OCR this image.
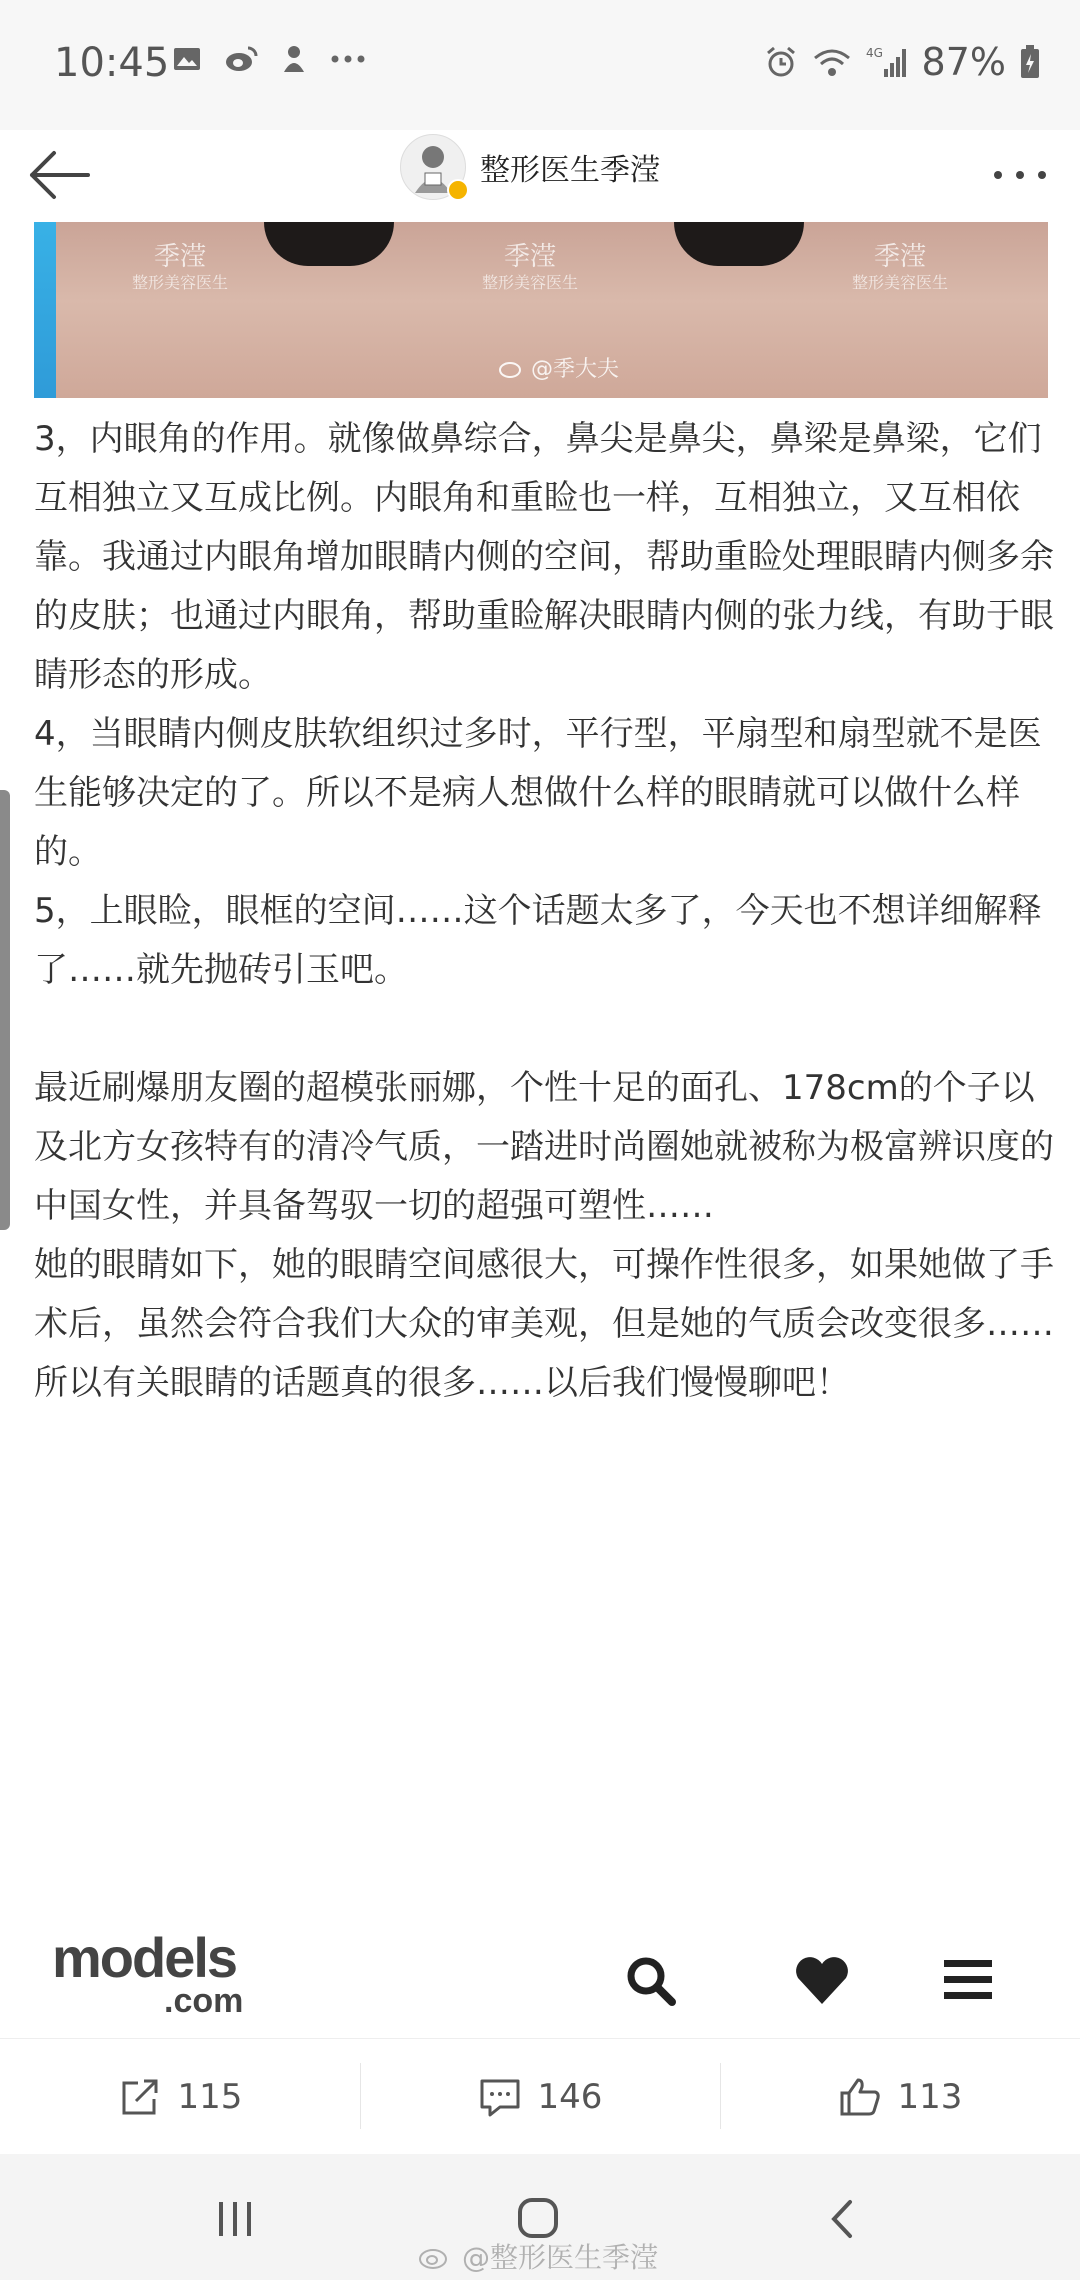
10:45	4G 87%
整形医生季滢
季滢
整形美容医生
季滢
整形美容医生
季滢
整形美容医生
@季大夫

3，内眼角的作用。就像做鼻综合，鼻尖是鼻尖，鼻梁是鼻梁，它们互相独立又互成比例。内眼角和重睑也一样，互相独立，又互相依靠。我通过内眼角增加眼睛内侧的空间，帮助重睑处理眼睛内侧多余的皮肤；也通过内眼角，帮助重睑解决眼睛内侧的张力线，有助于眼睛形态的形成。

4，当眼睛内侧皮肤软组织过多时，平行型，平扇型和扇型就不是医生能够决定的了。所以不是病人想做什么样的眼睛就可以做什么样的。

5，上眼睑，眼框的空间……这个话题太多了，今天也不想详细解释了……就先抛砖引玉吧。

最近刷爆朋友圈的超模张丽娜，个性十足的面孔、178cm的个子以及北方女孩特有的清冷气质，一踏进时尚圈她就被称为极富辨识度的中国女性，并具备驾驭一切的超强可塑性……

她的眼睛如下，她的眼睛空间感很大，可操作性很多，如果她做了手术后，虽然会符合我们大众的审美观，但是她的气质会改变很多……

所以有关眼睛的话题真的很多……以后我们慢慢聊吧！

models
.com
115	146	113
@整形医生季滢
